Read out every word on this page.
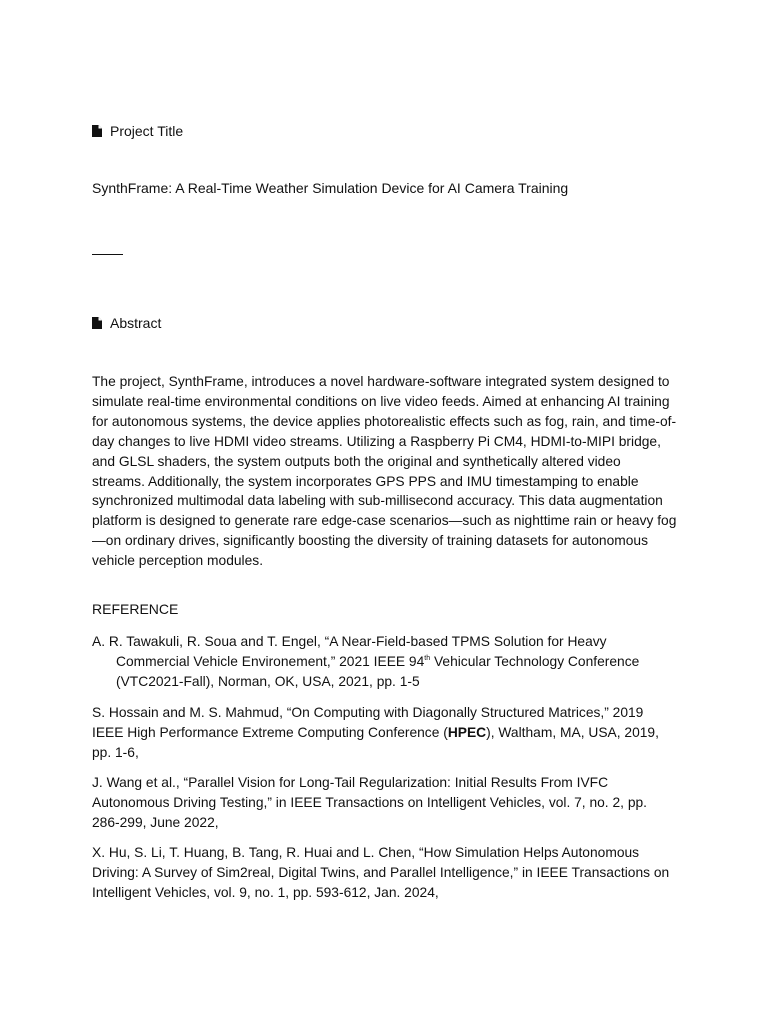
Project Title
SynthFrame: A Real-Time Weather Simulation Device for AI Camera Training
Abstract

The project, SynthFrame, introduces a novel hardware-software integrated system designed to simulate real-time environmental conditions on live video feeds. Aimed at enhancing AI training for autonomous systems, the device applies photorealistic effects such as fog, rain, and time-of-day changes to live HDMI video streams. Utilizing a Raspberry Pi CM4, HDMI-to-MIPI bridge, and GLSL shaders, the system outputs both the original and synthetically altered video streams. Additionally, the system incorporates GPS PPS and IMU timestamping to enable synchronized multimodal data labeling with sub-millisecond accuracy. This data augmentation platform is designed to generate rare edge-case scenarios—such as nighttime rain or heavy fog—on ordinary drives, significantly boosting the diversity of training datasets for autonomous vehicle perception modules.

REFERENCE

A. R. Tawakuli, R. Soua and T. Engel, “A Near-Field-based TPMS Solution for Heavy Commercial Vehicle Environement,” 2021 IEEE 94th Vehicular Technology Conference (VTC2021-Fall), Norman, OK, USA, 2021, pp. 1-5

S. Hossain and M. S. Mahmud, “On Computing with Diagonally Structured Matrices,” 2019 IEEE High Performance Extreme Computing Conference (HPEC), Waltham, MA, USA, 2019, pp. 1-6,

J. Wang et al., “Parallel Vision for Long-Tail Regularization: Initial Results From IVFC Autonomous Driving Testing,” in IEEE Transactions on Intelligent Vehicles, vol. 7, no. 2, pp. 286-299, June 2022,

X. Hu, S. Li, T. Huang, B. Tang, R. Huai and L. Chen, “How Simulation Helps Autonomous Driving: A Survey of Sim2real, Digital Twins, and Parallel Intelligence,” in IEEE Transactions on Intelligent Vehicles, vol. 9, no. 1, pp. 593-612, Jan. 2024,
